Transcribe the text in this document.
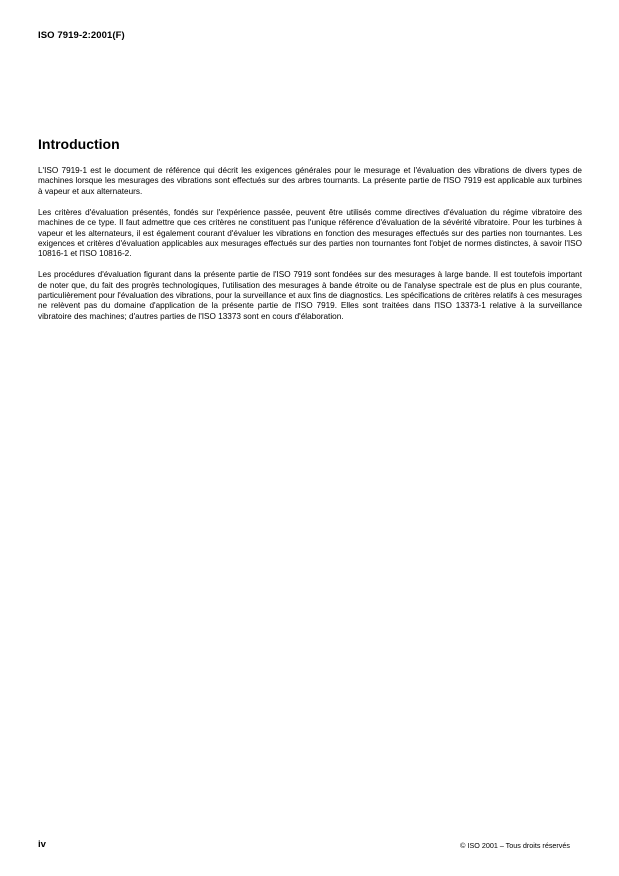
ISO 7919-2:2001(F)
Introduction

L'ISO 7919-1 est le document de référence qui décrit les exigences générales pour le mesurage et l'évaluation des vibrations de divers types de machines lorsque les mesurages des vibrations sont effectués sur des arbres tournants. La présente partie de l'ISO 7919 est applicable aux turbines à vapeur et aux alternateurs.

Les critères d'évaluation présentés, fondés sur l'expérience passée, peuvent être utilisés comme directives d'évaluation du régime vibratoire des machines de ce type. Il faut admettre que ces critères ne constituent pas l'unique référence d'évaluation de la sévérité vibratoire. Pour les turbines à vapeur et les alternateurs, il est également courant d'évaluer les vibrations en fonction des mesurages effectués sur des parties non tournantes. Les exigences et critères d'évaluation applicables aux mesurages effectués sur des parties non tournantes font l'objet de normes distinctes, à savoir l'ISO 10816-1 et l'ISO 10816-2.

Les procédures d'évaluation figurant dans la présente partie de l'ISO 7919 sont fondées sur des mesurages à large bande. Il est toutefois important de noter que, du fait des progrès technologiques, l'utilisation des mesurages à bande étroite ou de l'analyse spectrale est de plus en plus courante, particulièrement pour l'évaluation des vibrations, pour la surveillance et aux fins de diagnostics. Les spécifications de critères relatifs à ces mesurages ne relèvent pas du domaine d'application de la présente partie de l'ISO 7919. Elles sont traitées dans l'ISO 13373-1 relative à la surveillance vibratoire des machines; d'autres parties de l'ISO 13373 sont en cours d'élaboration.

iv	© ISO 2001 – Tous droits réservés
